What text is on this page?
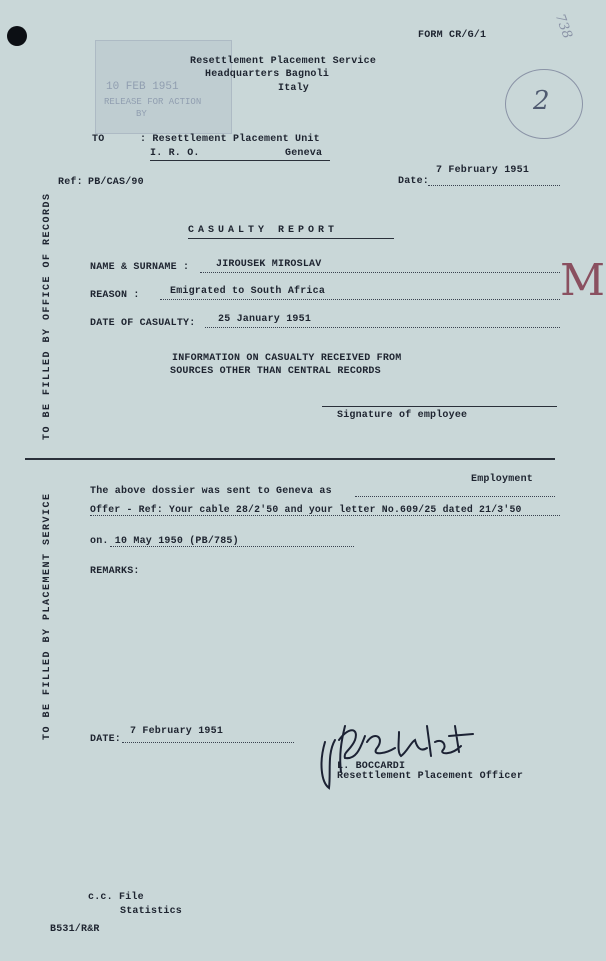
10 FEB 1951
RELEASE FOR ACTION
BY
FORM CR/G/1	738
Resettlement Placement Service
Headquarters Bagnoli
Italy	2
TO	: Resettlement Placement Unit
I. R. O.	Geneva
Ref: PB/CAS/90
7 February 1951
Date:
CASUALTY REPORT
NAME & SURNAME :	JIROUSEK MIROSLAV
REASON :	Emigrated to South Africa
DATE OF CASUALTY: 25 January 1951
M
INFORMATION ON CASUALTY RECEIVED FROM
SOURCES OTHER THAN CENTRAL RECORDS
Signature of employee
TO BE FILLED BY OFFICE OF RECORDS
Employment
The above dossier was sent to Geneva as
Offer - Ref: Your cable 28/2'50 and your letter No.609/25 dated 21/3'50
on. 10 May 1950 (PB/785)
REMARKS:
TO BE FILLED BY PLACEMENT SERVICE	DATE:
7 February 1951
L. BOCCARDI
Resettlement Placement Officer
c.c. File
Statistics
B531/R&R
